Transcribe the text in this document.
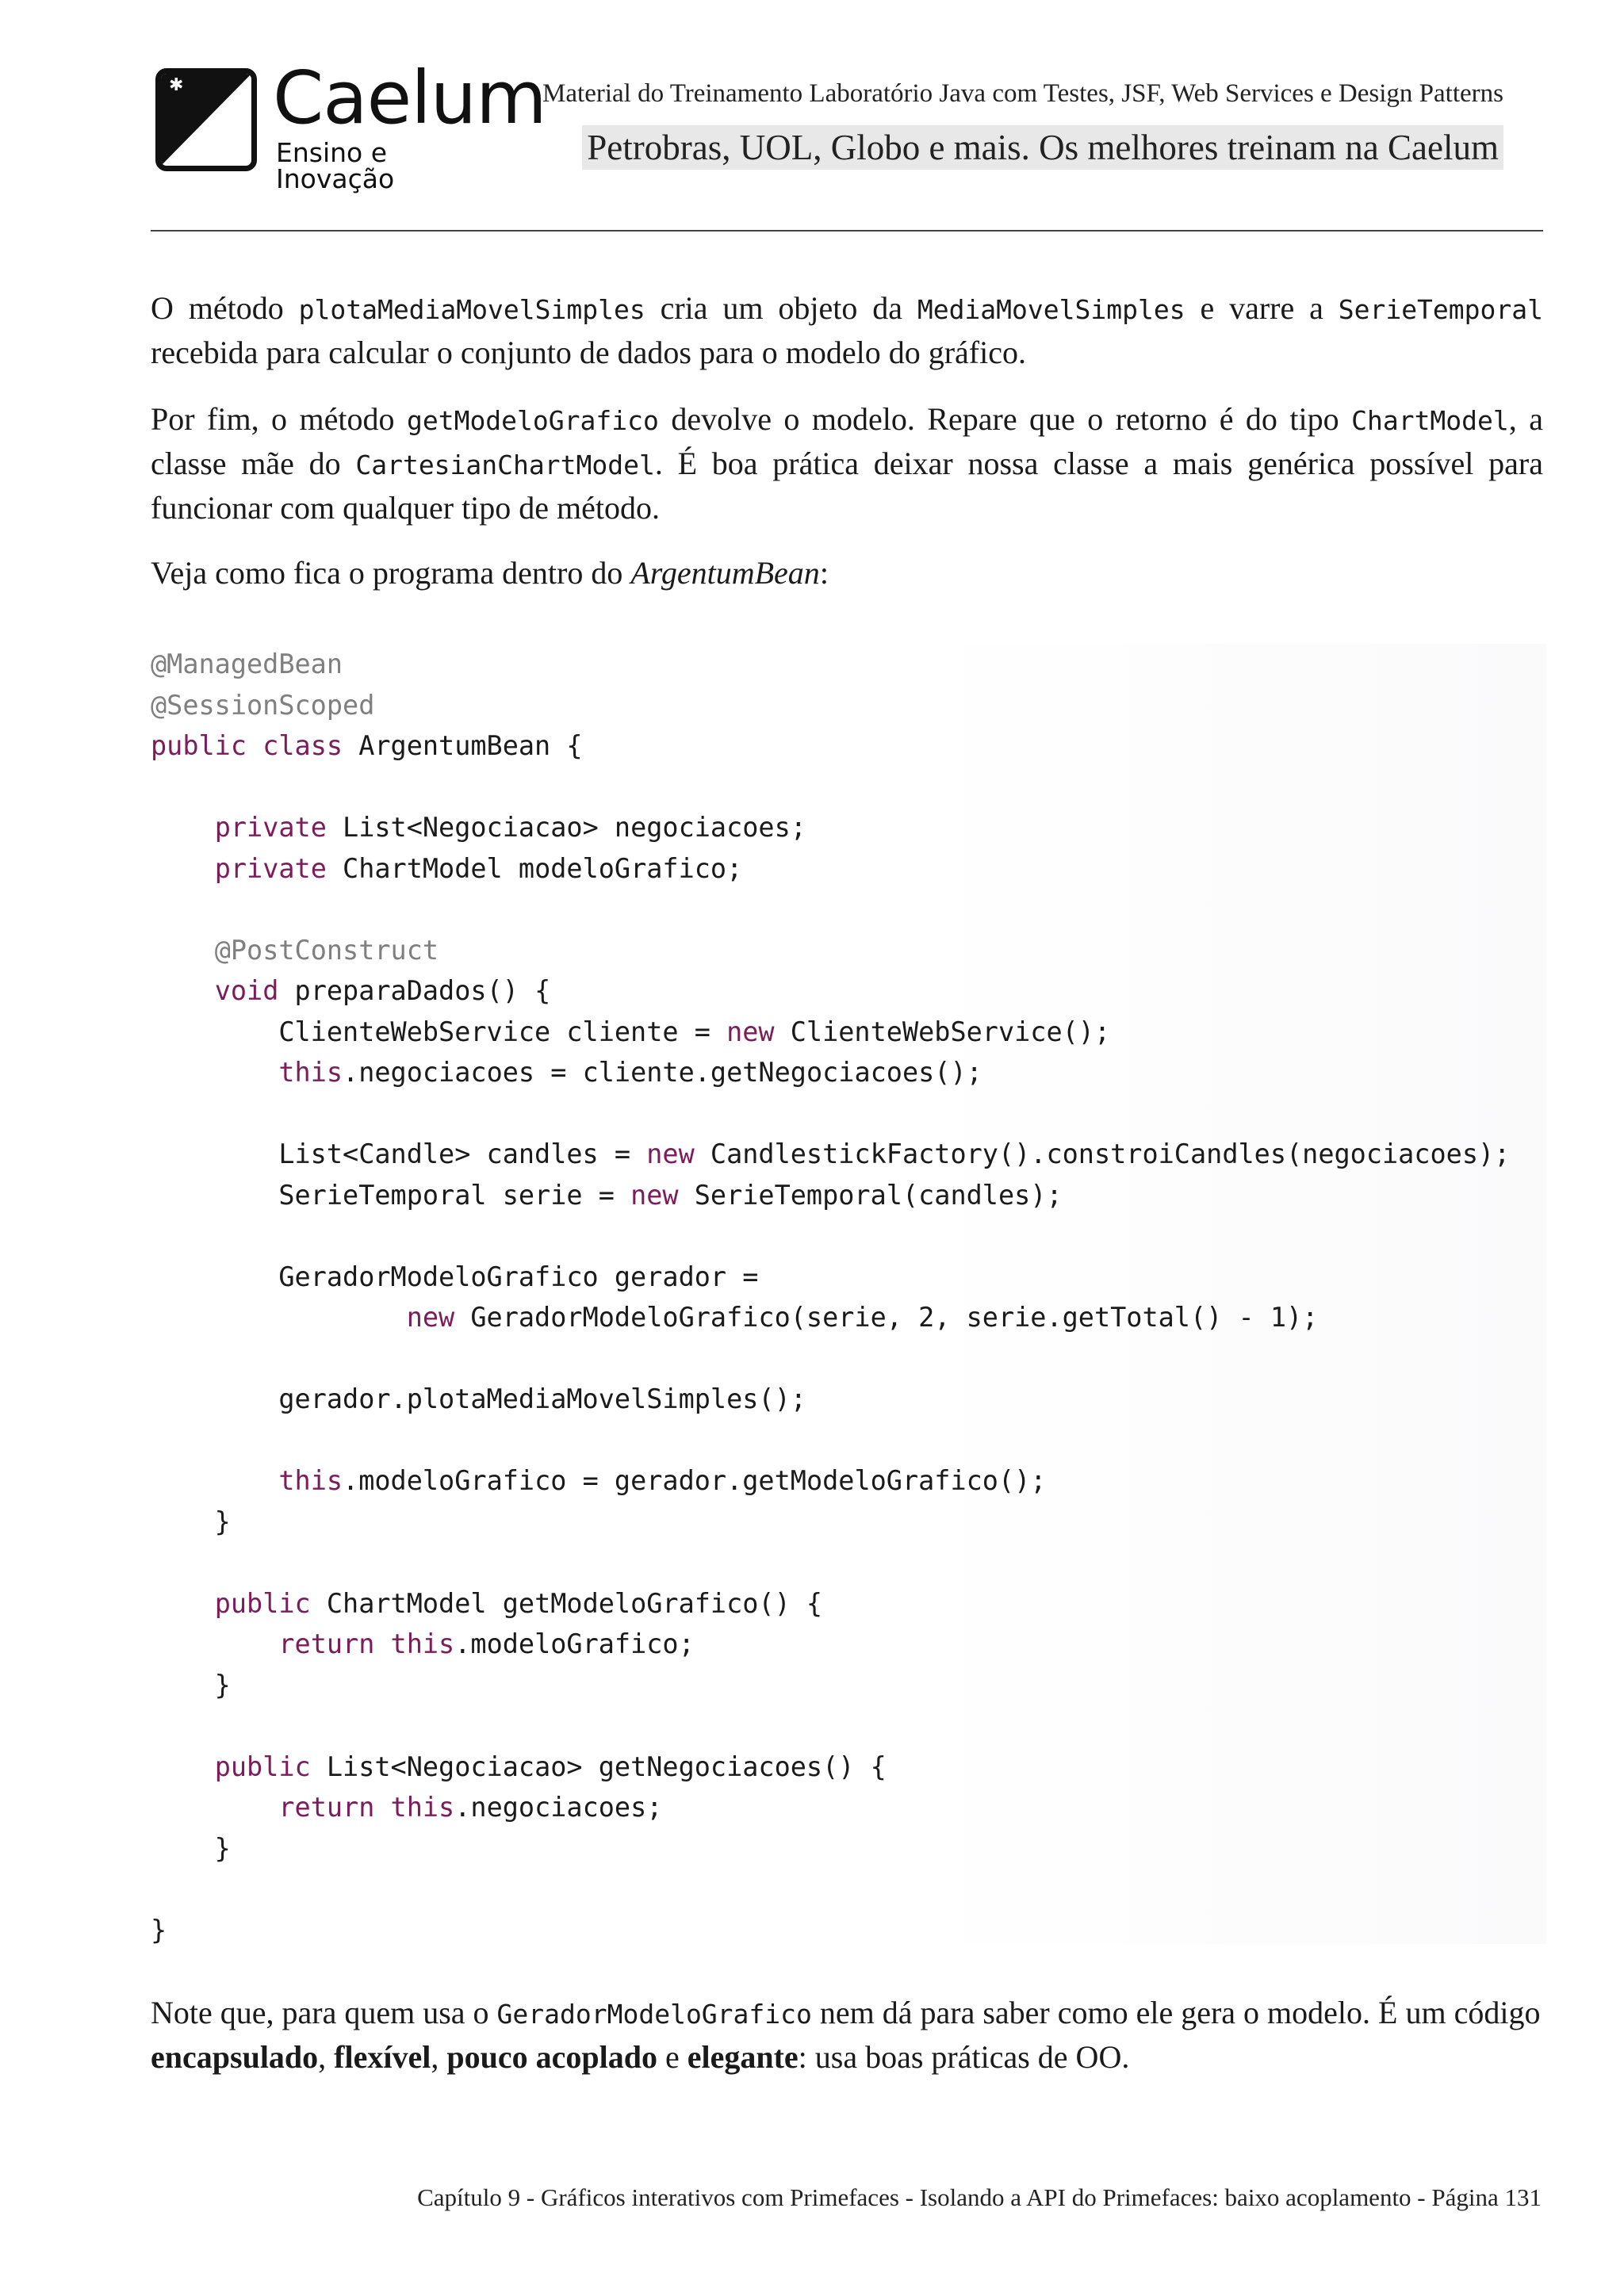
✱ Caelum
Ensino e Inovação
Material do Treinamento Laboratório Java com Testes, JSF, Web Services e Design Patterns
Petrobras, UOL, Globo e mais. Os melhores treinam na Caelum
O método plotaMediaMovelSimples cria um objeto da MediaMovelSimples e varre a SerieTemporal recebida para calcular o conjunto de dados para o modelo do gráfico.
Por fim, o método getModeloGrafico devolve o modelo. Repare que o retorno é do tipo ChartModel, a classe mãe do CartesianChartModel. É boa prática deixar nossa classe a mais genérica possível para funcionar com qualquer tipo de método.
Veja como fica o programa dentro do ArgentumBean:
@ManagedBean
@SessionScoped
public class ArgentumBean {

private List<Negociacao> negociacoes;
private ChartModel modeloGrafico;

@PostConstruct
void preparaDados() {
ClienteWebService cliente = new ClienteWebService();
this.negociacoes = cliente.getNegociacoes();

List<Candle> candles = new CandlestickFactory().constroiCandles(negociacoes);
SerieTemporal serie = new SerieTemporal(candles);

GeradorModeloGrafico gerador =
new GeradorModeloGrafico(serie, 2, serie.getTotal() - 1);

gerador.plotaMediaMovelSimples();

this.modeloGrafico = gerador.getModeloGrafico();
}

public ChartModel getModeloGrafico() {
return this.modeloGrafico;
}

public List<Negociacao> getNegociacoes() {
return this.negociacoes;
}

}
Note que, para quem usa o GeradorModeloGrafico nem dá para saber como ele gera o modelo. É um código encapsulado, flexível, pouco acoplado e elegante: usa boas práticas de OO.
Capítulo 9 - Gráficos interativos com Primefaces - Isolando a API do Primefaces: baixo acoplamento - Página 131
